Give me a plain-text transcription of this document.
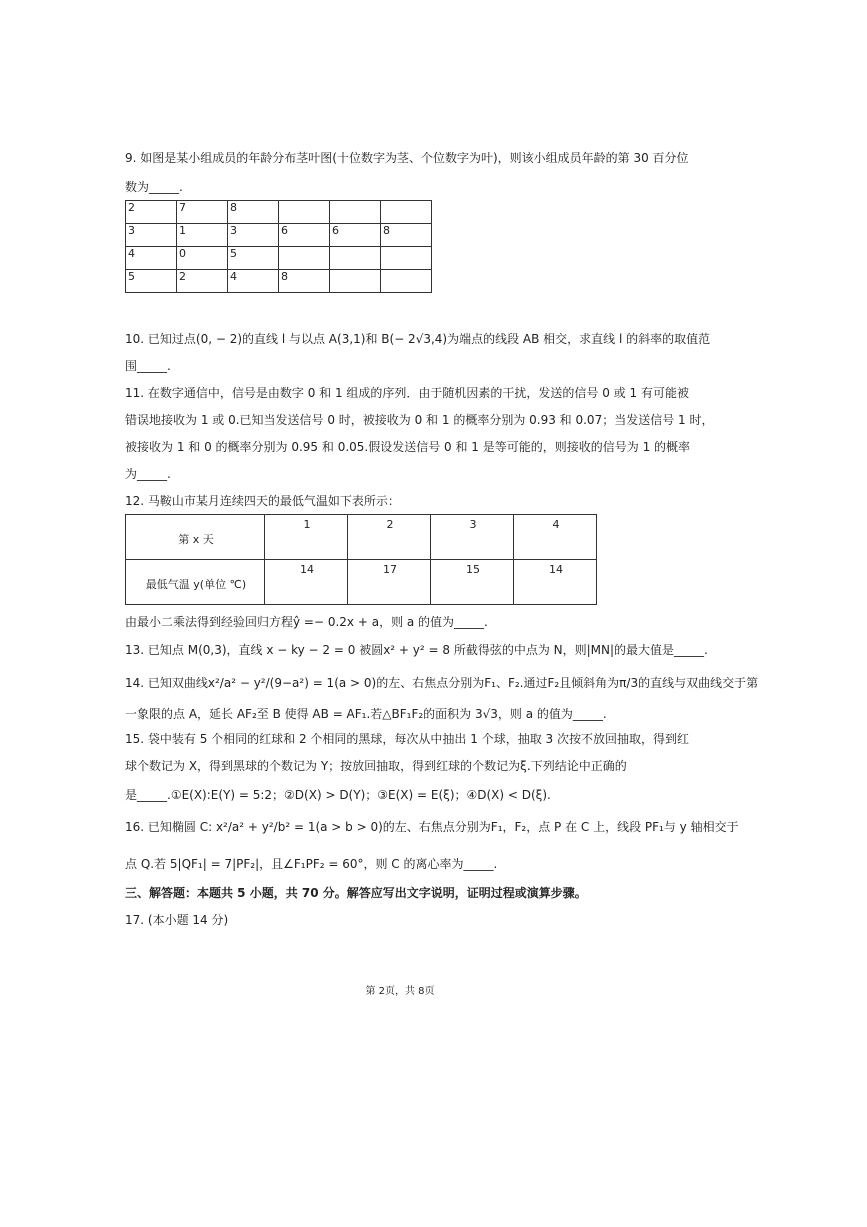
9. 如图是某小组成员的年龄分布茎叶图(十位数字为茎、个位数字为叶)，则该小组成员年龄的第 30 百分位
数为_____.
2	7	8			
3	1	3	6	6	8
4	0	5			
5	2	4	8		
10. 已知过点(0, − 2)的直线 l 与以点 A(3,1)和 B(− 2√3,4)为端点的线段 AB 相交，求直线 l 的斜率的取值范
围_____.
11. 在数字通信中，信号是由数字 0 和 1 组成的序列．由于随机因素的干扰，发送的信号 0 或 1 有可能被
错误地接收为 1 或 0.已知当发送信号 0 时，被接收为 0 和 1 的概率分别为 0.93 和 0.07；当发送信号 1 时，
被接收为 1 和 0 的概率分别为 0.95 和 0.05.假设发送信号 0 和 1 是等可能的，则接收的信号为 1 的概率
为_____.
12. 马鞍山市某月连续四天的最低气温如下表所示：
第 x 天	1	2	3	4
最低气温 y(单位 ℃)	14	17	15	14
由最小二乘法得到经验回归方程ŷ =− 0.2x + a，则 a 的值为_____.
13. 已知点 M(0,3)，直线 x − ky − 2 = 0 被圆x² + y² = 8 所截得弦的中点为 N，则|MN|的最大值是_____.
14. 已知双曲线x²/a² − y²/(9−a²) = 1(a > 0)的左、右焦点分别为F₁、F₂.通过F₂且倾斜角为π/3的直线与双曲线交于第
一象限的点 A，延长 AF₂至 B 使得 AB = AF₁.若△BF₁F₂的面积为 3√3，则 a 的值为_____.
15. 袋中装有 5 个相同的红球和 2 个相同的黑球，每次从中抽出 1 个球，抽取 3 次按不放回抽取，得到红
球个数记为 X，得到黑球的个数记为 Y；按放回抽取，得到红球的个数记为ξ.下列结论中正确的
是_____.①E(X):E(Y) = 5:2；②D(X) > D(Y)；③E(X) = E(ξ)；④D(X) < D(ξ).
16. 已知椭圆 C: x²/a² + y²/b² = 1(a > b > 0)的左、右焦点分别为F₁，F₂，点 P 在 C 上，线段 PF₁与 y 轴相交于
点 Q.若 5|QF₁| = 7|PF₂|，且∠F₁PF₂ = 60°，则 C 的离心率为_____.
三、解答题：本题共 5 小题，共 70 分。解答应写出文字说明，证明过程或演算步骤。
17. (本小题 14 分)
第 2页，共 8页
